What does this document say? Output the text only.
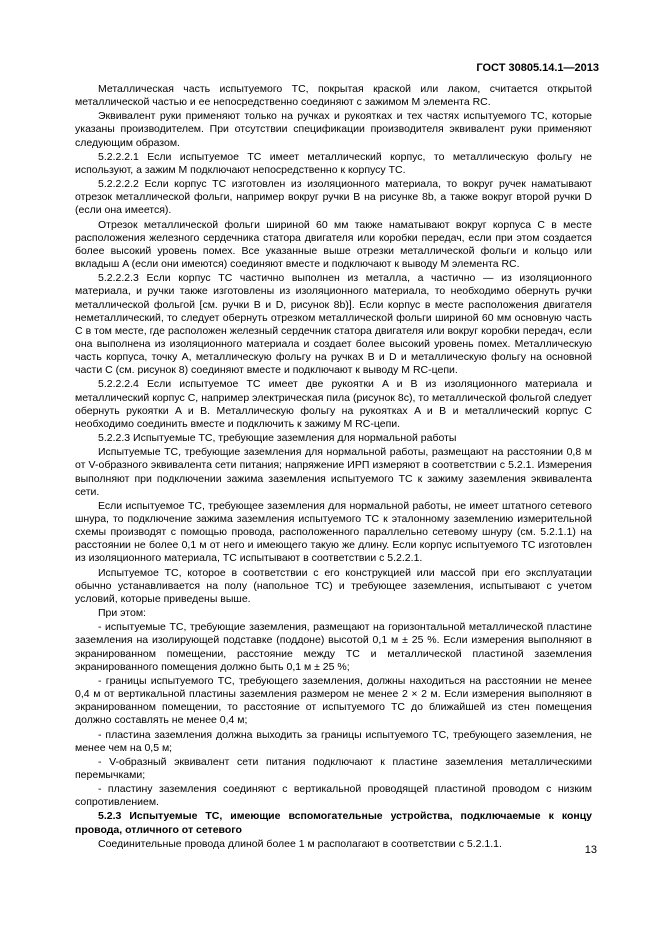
ГОСТ 30805.14.1—2013

Металлическая часть испытуемого ТС, покрытая краской или лаком, считается открытой металлической частью и ее непосредственно соединяют с зажимом М элемента RC.

Эквивалент руки применяют только на ручках и рукоятках и тех частях испытуемого ТС, которые указаны производителем. При отсутствии спецификации производителя эквивалент руки применяют следующим образом.

5.2.2.2.1 Если испытуемое ТС имеет металлический корпус, то металлическую фольгу не используют, а зажим M подключают непосредственно к корпусу ТС.

5.2.2.2.2 Если корпус ТС изготовлен из изоляционного материала, то вокруг ручек наматывают отрезок металлической фольги, например вокруг ручки B на рисунке 8b, а также вокруг второй ручки D (если она имеется).

Отрезок металлической фольги шириной 60 мм также наматывают вокруг корпуса C в месте расположения железного сердечника статора двигателя или коробки передач, если при этом создается более высокий уровень помех. Все указанные выше отрезки металлической фольги и кольцо или вкладыш A (если они имеются) соединяют вместе и подключают к выводу M элемента RC.

5.2.2.2.3 Если корпус ТС частично выполнен из металла, а частично — из изоляционного материала, и ручки также изготовлены из изоляционного материала, то необходимо обернуть ручки металлической фольгой [см. ручки B и D, рисунок 8b)]. Если корпус в месте расположения двигателя неметаллический, то следует обернуть отрезком металлической фольги шириной 60 мм основную часть C в том месте, где расположен железный сердечник статора двигателя или вокруг коробки передач, если она выполнена из изоляционного материала и создает более высокий уровень помех. Металлическую часть корпуса, точку A, металлическую фольгу на ручках B и D и металлическую фольгу на основной части C (см. рисунок 8) соединяют вместе и подключают к выводу M RC-цепи.

5.2.2.2.4 Если испытуемое ТС имеет две рукоятки A и B из изоляционного материала и металлический корпус C, например электрическая пила (рисунок 8c), то металлической фольгой следует обернуть рукоятки A и B. Металлическую фольгу на рукоятках A и B и металлический корпус C необходимо соединить вместе и подключить к зажиму M RC-цепи.

5.2.2.3 Испытуемые ТС, требующие заземления для нормальной работы

Испытуемые ТС, требующие заземления для нормальной работы, размещают на расстоянии 0,8 м от V-образного эквивалента сети питания; напряжение ИРП измеряют в соответствии с 5.2.1. Измерения выполняют при подключении зажима заземления испытуемого ТС к зажиму заземления эквивалента сети.

Если испытуемое ТС, требующее заземления для нормальной работы, не имеет штатного сетевого шнура, то подключение зажима заземления испытуемого ТС к эталонному заземлению измерительной схемы производят с помощью провода, расположенного параллельно сетевому шнуру (см. 5.2.1.1) на расстоянии не более 0,1 м от него и имеющего такую же длину. Если корпус испытуемого ТС изготовлен из изоляционного материала, ТС испытывают в соответствии с 5.2.2.1.

Испытуемое ТС, которое в соответствии с его конструкцией или массой при его эксплуатации обычно устанавливается на полу (напольное ТС) и требующее заземления, испытывают с учетом условий, которые приведены выше.

При этом:

- испытуемые ТС, требующие заземления, размещают на горизонтальной металлической пластине заземления на изолирующей подставке (поддоне) высотой 0,1 м ± 25 %. Если измерения выполняют в экранированном помещении, расстояние между ТС и металлической пластиной заземления экранированного помещения должно быть 0,1 м ± 25 %;

- границы испытуемого ТС, требующего заземления, должны находиться на расстоянии не менее 0,4 м от вертикальной пластины заземления размером не менее 2 × 2 м. Если измерения выполняют в экранированном помещении, то расстояние от испытуемого ТС до ближайшей из стен помещения должно составлять не менее 0,4 м;

- пластина заземления должна выходить за границы испытуемого ТС, требующего заземления, не менее чем на 0,5 м;

- V-образный эквивалент сети питания подключают к пластине заземления металлическими перемычками;

- пластину заземления соединяют с вертикальной проводящей пластиной проводом с низким сопротивлением.

5.2.3 Испытуемые ТС, имеющие вспомогательные устройства, подключаемые к концу провода, отличного от сетевого

Соединительные провода длиной более 1 м располагают в соответствии с 5.2.1.1.

13
